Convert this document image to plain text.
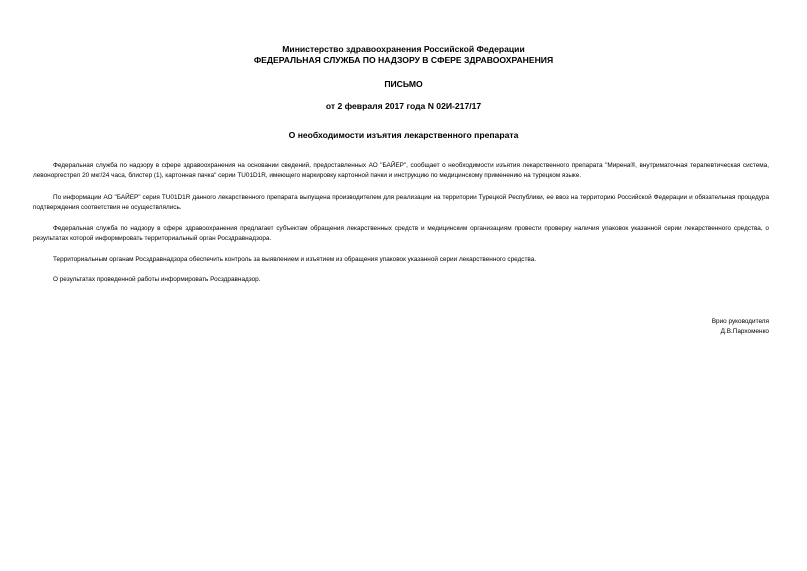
Министерство здравоохранения Российской Федерации
ФЕДЕРАЛЬНАЯ СЛУЖБА ПО НАДЗОРУ В СФЕРЕ ЗДРАВООХРАНЕНИЯ
ПИСЬМО
от 2 февраля 2017 года N 02И-217/17
О необходимости изъятия лекарственного препарата

Федеральная служба по надзору в сфере здравоохранения на основании сведений, предоставленных АО "БАЙЕР", сообщает о необходимости изъятия лекарственного препарата "Мирена®, внутриматочная терапевтическая система, левоноргестрел 20 мкг/24 часа, блистер (1), картонная пачка" серии TU01D1R, имеющего маркировку картонной пачки и инструкцию по медицинскому применению на турецком языке.

По информации АО "БАЙЕР" серия TU01D1R данного лекарственного препарата выпущена производителем для реализации на территории Турецкой Республики, ее ввоз на территорию Российской Федерации и обязательная процедура подтверждения соответствия не осуществлялись.

Федеральная служба по надзору в сфере здравоохранения предлагает субъектам обращения лекарственных средств и медицинским организациям провести проверку наличия упаковок указанной серии лекарственного средства, о результатах которой информировать территориальный орган Росздравнадзора.

Территориальным органам Росздравнадзора обеспечить контроль за выявлением и изъятием из обращения упаковок указанной серии лекарственного средства.

О результатах проведенной работы информировать Росздравнадзор.

Врио руководителя
Д.В.Пархоменко
